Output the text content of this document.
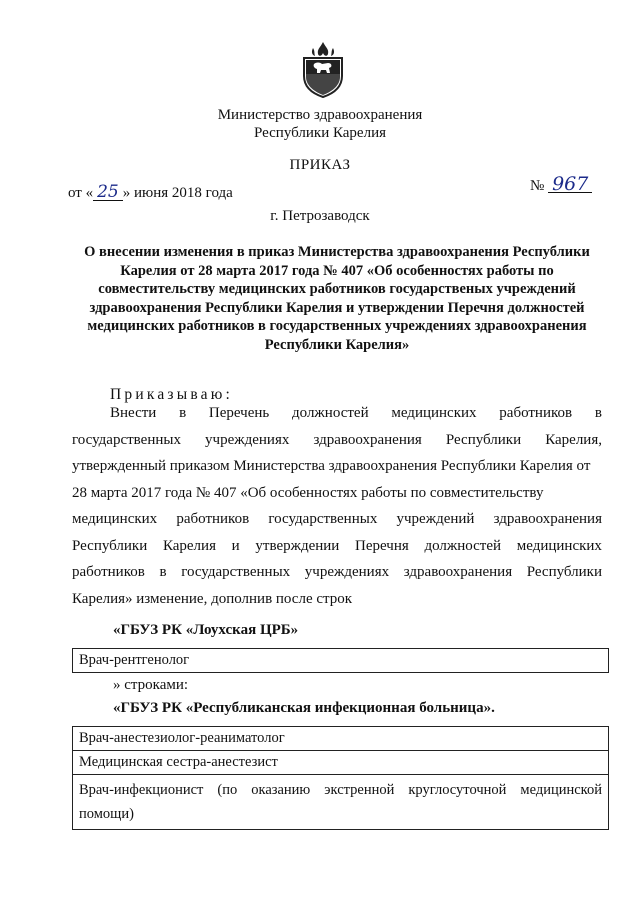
Министерство здравоохранения
Республики Карелия
ПРИКАЗ
от « 25 » июня 2018 года	№ 967
г. Петрозаводск
О внесении изменения в приказ Министерства здравоохранения Республики
Карелия от 28 марта 2017 года № 407 «Об особенностях работы по
совместительству медицинских работников государственых учреждений
здравоохранения Республики Карелия и утверждении Перечня должностей
медицинских работников в государственных учреждениях здравоохранения
Республики Карелия»
Приказываю:
Внести в Перечень должностей медицинских работников в
государственных учреждениях здравоохранения Республики Карелия,
утвержденный приказом Министерства здравоохранения Республики Карелия от
28 марта 2017 года № 407 «Об особенностях работы по совместительству
медицинских работников государственных учреждений здравоохранения
Республики Карелия и утверждении Перечня должностей медицинских
работников в государственных учреждениях здравоохранения Республики
Карелия» изменение, дополнив после строк
«ГБУЗ РК «Лоухская ЦРБ»
Врач-рентгенолог
» строками:
«ГБУЗ РК «Республиканская инфекционная больница».
Врач-анестезиолог-реаниматолог
Медицинская сестра-анестезист
Врач-инфекционист (по оказанию экстренной круглосуточной медицинской помощи)
